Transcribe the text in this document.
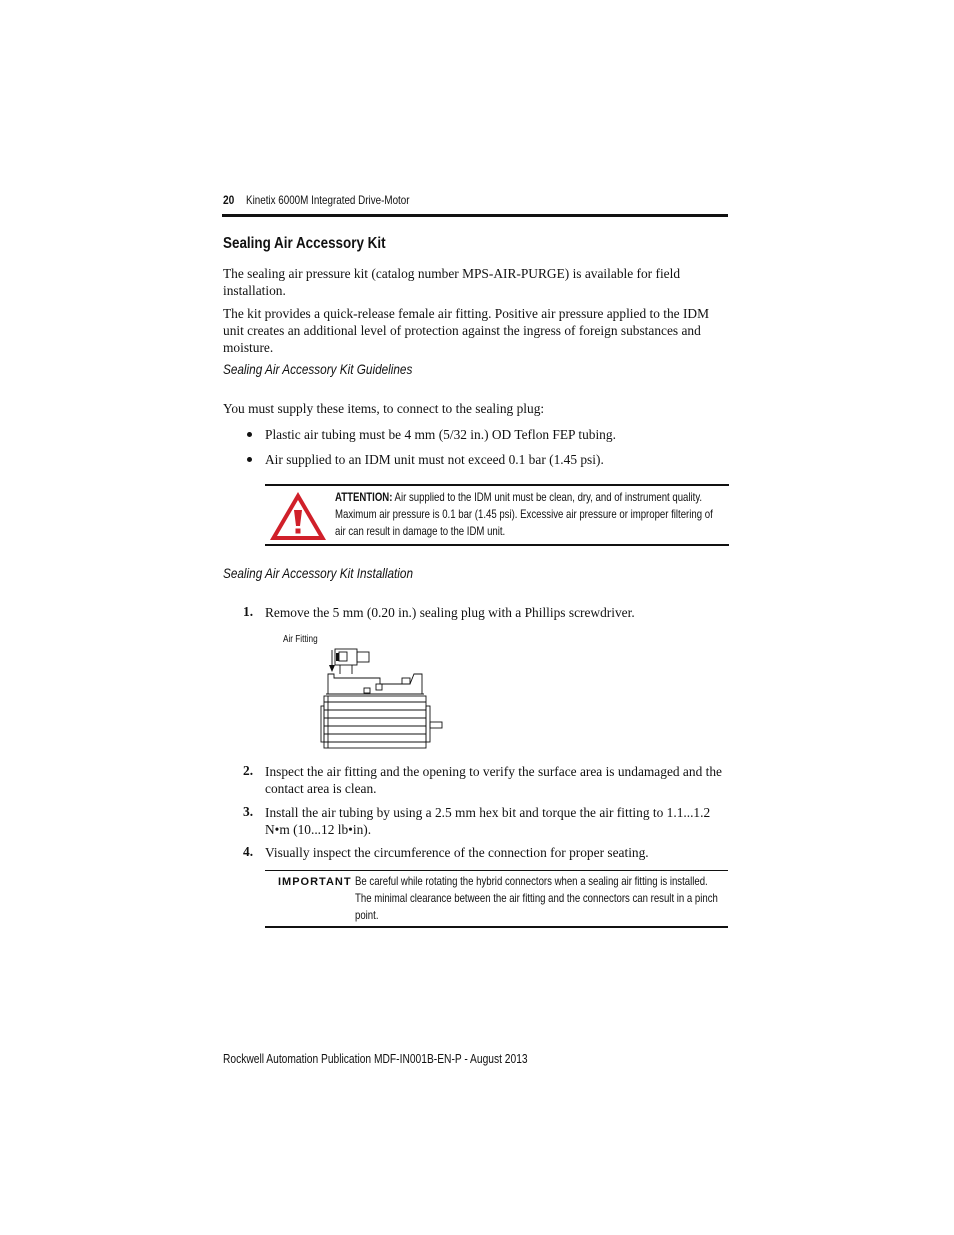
20 Kinetix 6000M Integrated Drive-Motor
Sealing Air Accessory Kit
The sealing air pressure kit (catalog number MPS-AIR-PURGE) is available for field installation.
The kit provides a quick-release female air fitting. Positive air pressure applied to the IDM unit creates an additional level of protection against the ingress of foreign substances and moisture.
Sealing Air Accessory Kit Guidelines
You must supply these items, to connect to the sealing plug:
Plastic air tubing must be 4 mm (5/32 in.) OD Teflon FEP tubing.
Air supplied to an IDM unit must not exceed 0.1 bar (1.45 psi).
ATTENTION: Air supplied to the IDM unit must be clean, dry, and of instrument quality. Maximum air pressure is 0.1 bar (1.45 psi). Excessive air pressure or improper filtering of air can result in damage to the IDM unit.
Sealing Air Accessory Kit Installation
1. Remove the 5 mm (0.20 in.) sealing plug with a Phillips screwdriver.
Air Fitting
2. Inspect the air fitting and the opening to verify the surface area is undamaged and the contact area is clean.
3. Install the air tubing by using a 2.5 mm hex bit and torque the air fitting to 1.1...1.2 N•m (10...12 lb•in).
4. Visually inspect the circumference of the connection for proper seating.
IMPORTANT Be careful while rotating the hybrid connectors when a sealing air fitting is installed. The minimal clearance between the air fitting and the connectors can result in a pinch point.
Rockwell Automation Publication MDF-IN001B-EN-P - August 2013
